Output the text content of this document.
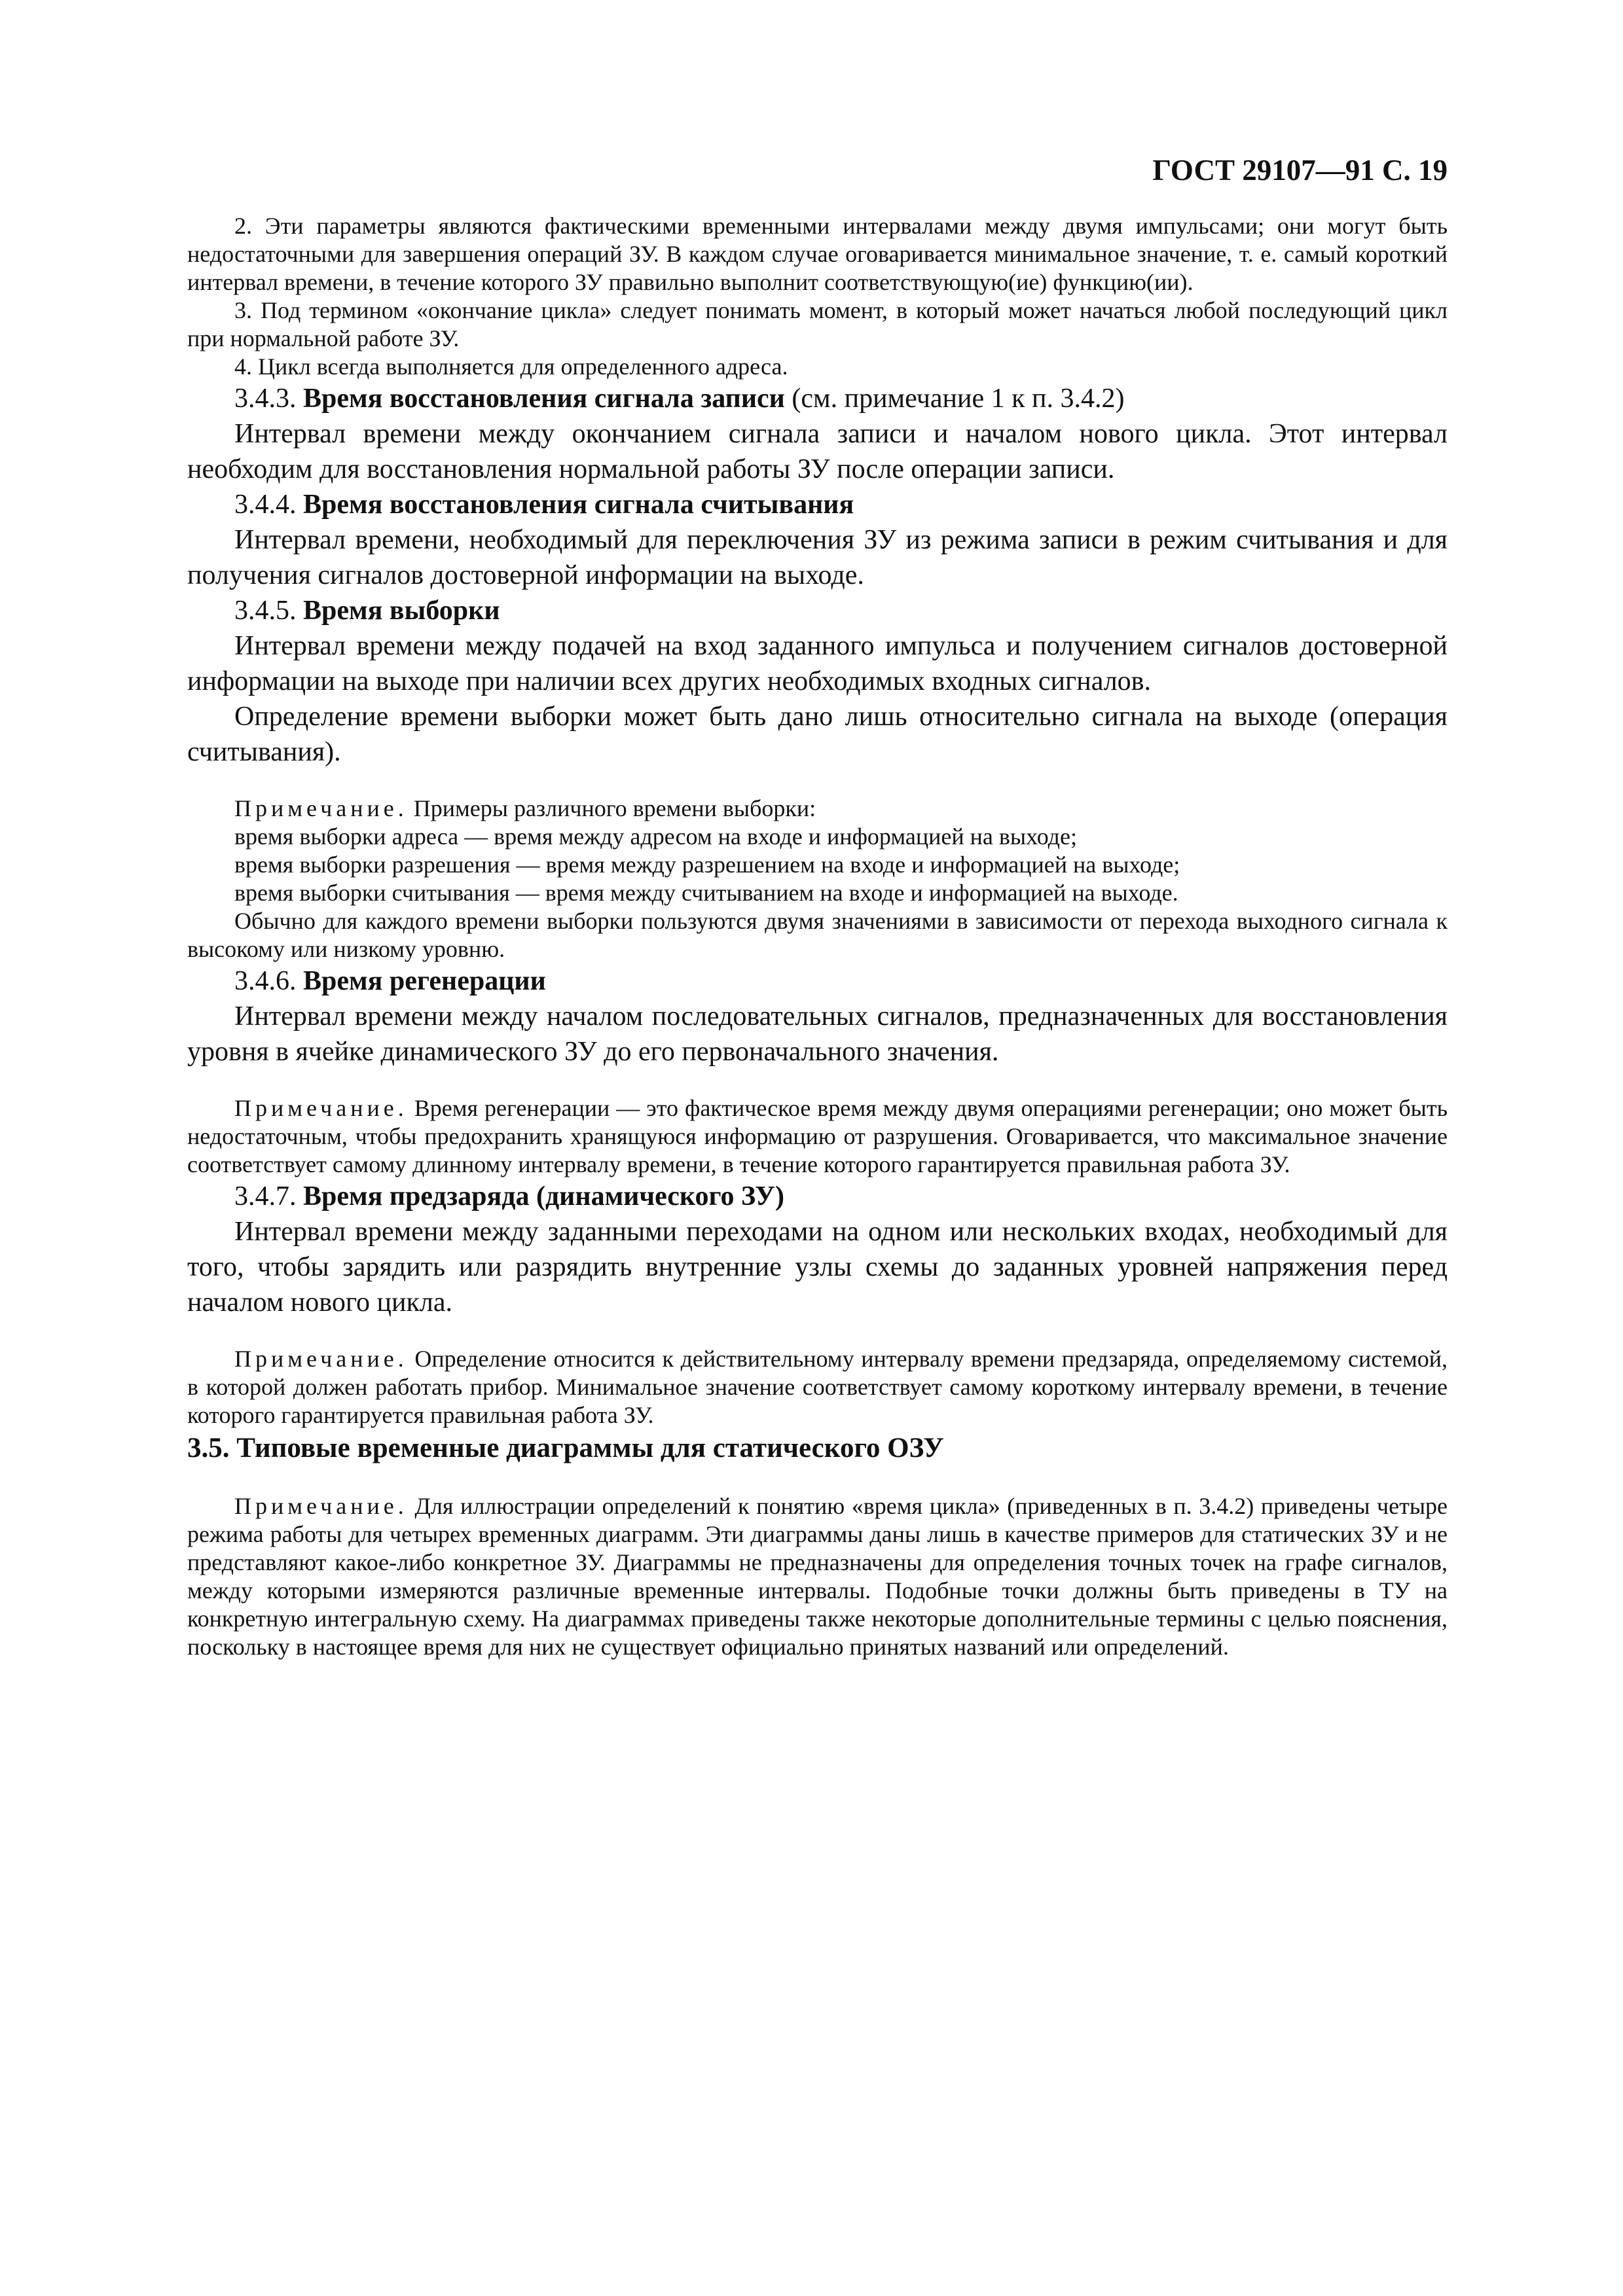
ГОСТ 29107—91 С. 19

2. Эти параметры являются фактическими временными интервалами между двумя импульсами; они могут быть недостаточными для завершения операций ЗУ. В каждом случае оговаривается минимальное значение, т. е. самый короткий интервал времени, в течение которого ЗУ правильно выполнит соответствующую(ие) функцию(ии).

3. Под термином «окончание цикла» следует понимать момент, в который может начаться любой последующий цикл при нормальной работе ЗУ.

4. Цикл всегда выполняется для определенного адреса.

3.4.3. Время восстановления сигнала записи (см. примечание 1 к п. 3.4.2)

Интервал времени между окончанием сигнала записи и началом нового цикла. Этот интервал необходим для восстановления нормальной работы ЗУ после операции записи.

3.4.4. Время восстановления сигнала считывания

Интервал времени, необходимый для переключения ЗУ из режима записи в режим считывания и для получения сигналов достоверной информации на выходе.

3.4.5. Время выборки

Интервал времени между подачей на вход заданного импульса и получением сигналов достоверной информации на выходе при наличии всех других необходимых входных сигналов.

Определение времени выборки может быть дано лишь относительно сигнала на выходе (операция считывания).

Примечание. Примеры различного времени выборки:

время выборки адреса — время между адресом на входе и информацией на выходе;

время выборки разрешения — время между разрешением на входе и информацией на выходе;

время выборки считывания — время между считыванием на входе и информацией на выходе.

Обычно для каждого времени выборки пользуются двумя значениями в зависимости от перехода выходного сигнала к высокому или низкому уровню.

3.4.6. Время регенерации

Интервал времени между началом последовательных сигналов, предназначенных для восстановления уровня в ячейке динамического ЗУ до его первоначального значения.

Примечание. Время регенерации — это фактическое время между двумя операциями регенерации; оно может быть недостаточным, чтобы предохранить хранящуюся информацию от разрушения. Оговаривается, что максимальное значение соответствует самому длинному интервалу времени, в течение которого гарантируется правильная работа ЗУ.

3.4.7. Время предзаряда (динамического ЗУ)

Интервал времени между заданными переходами на одном или нескольких входах, необходимый для того, чтобы зарядить или разрядить внутренние узлы схемы до заданных уровней напряжения перед началом нового цикла.

Примечание. Определение относится к действительному интервалу времени предзаряда, определяемому системой, в которой должен работать прибор. Минимальное значение соответствует самому короткому интервалу времени, в течение которого гарантируется правильная работа ЗУ.

3.5. Типовые временные диаграммы для статического ОЗУ

Примечание. Для иллюстрации определений к понятию «время цикла» (приведенных в п. 3.4.2) приведены четыре режима работы для четырех временных диаграмм. Эти диаграммы даны лишь в качестве примеров для статических ЗУ и не представляют какое-либо конкретное ЗУ. Диаграммы не предназначены для определения точных точек на графе сигналов, между которыми измеряются различные временные интервалы. Подобные точки должны быть приведены в ТУ на конкретную интегральную схему. На диаграммах приведены также некоторые дополнительные термины с целью пояснения, поскольку в настоящее время для них не существует официально принятых названий или определений.
